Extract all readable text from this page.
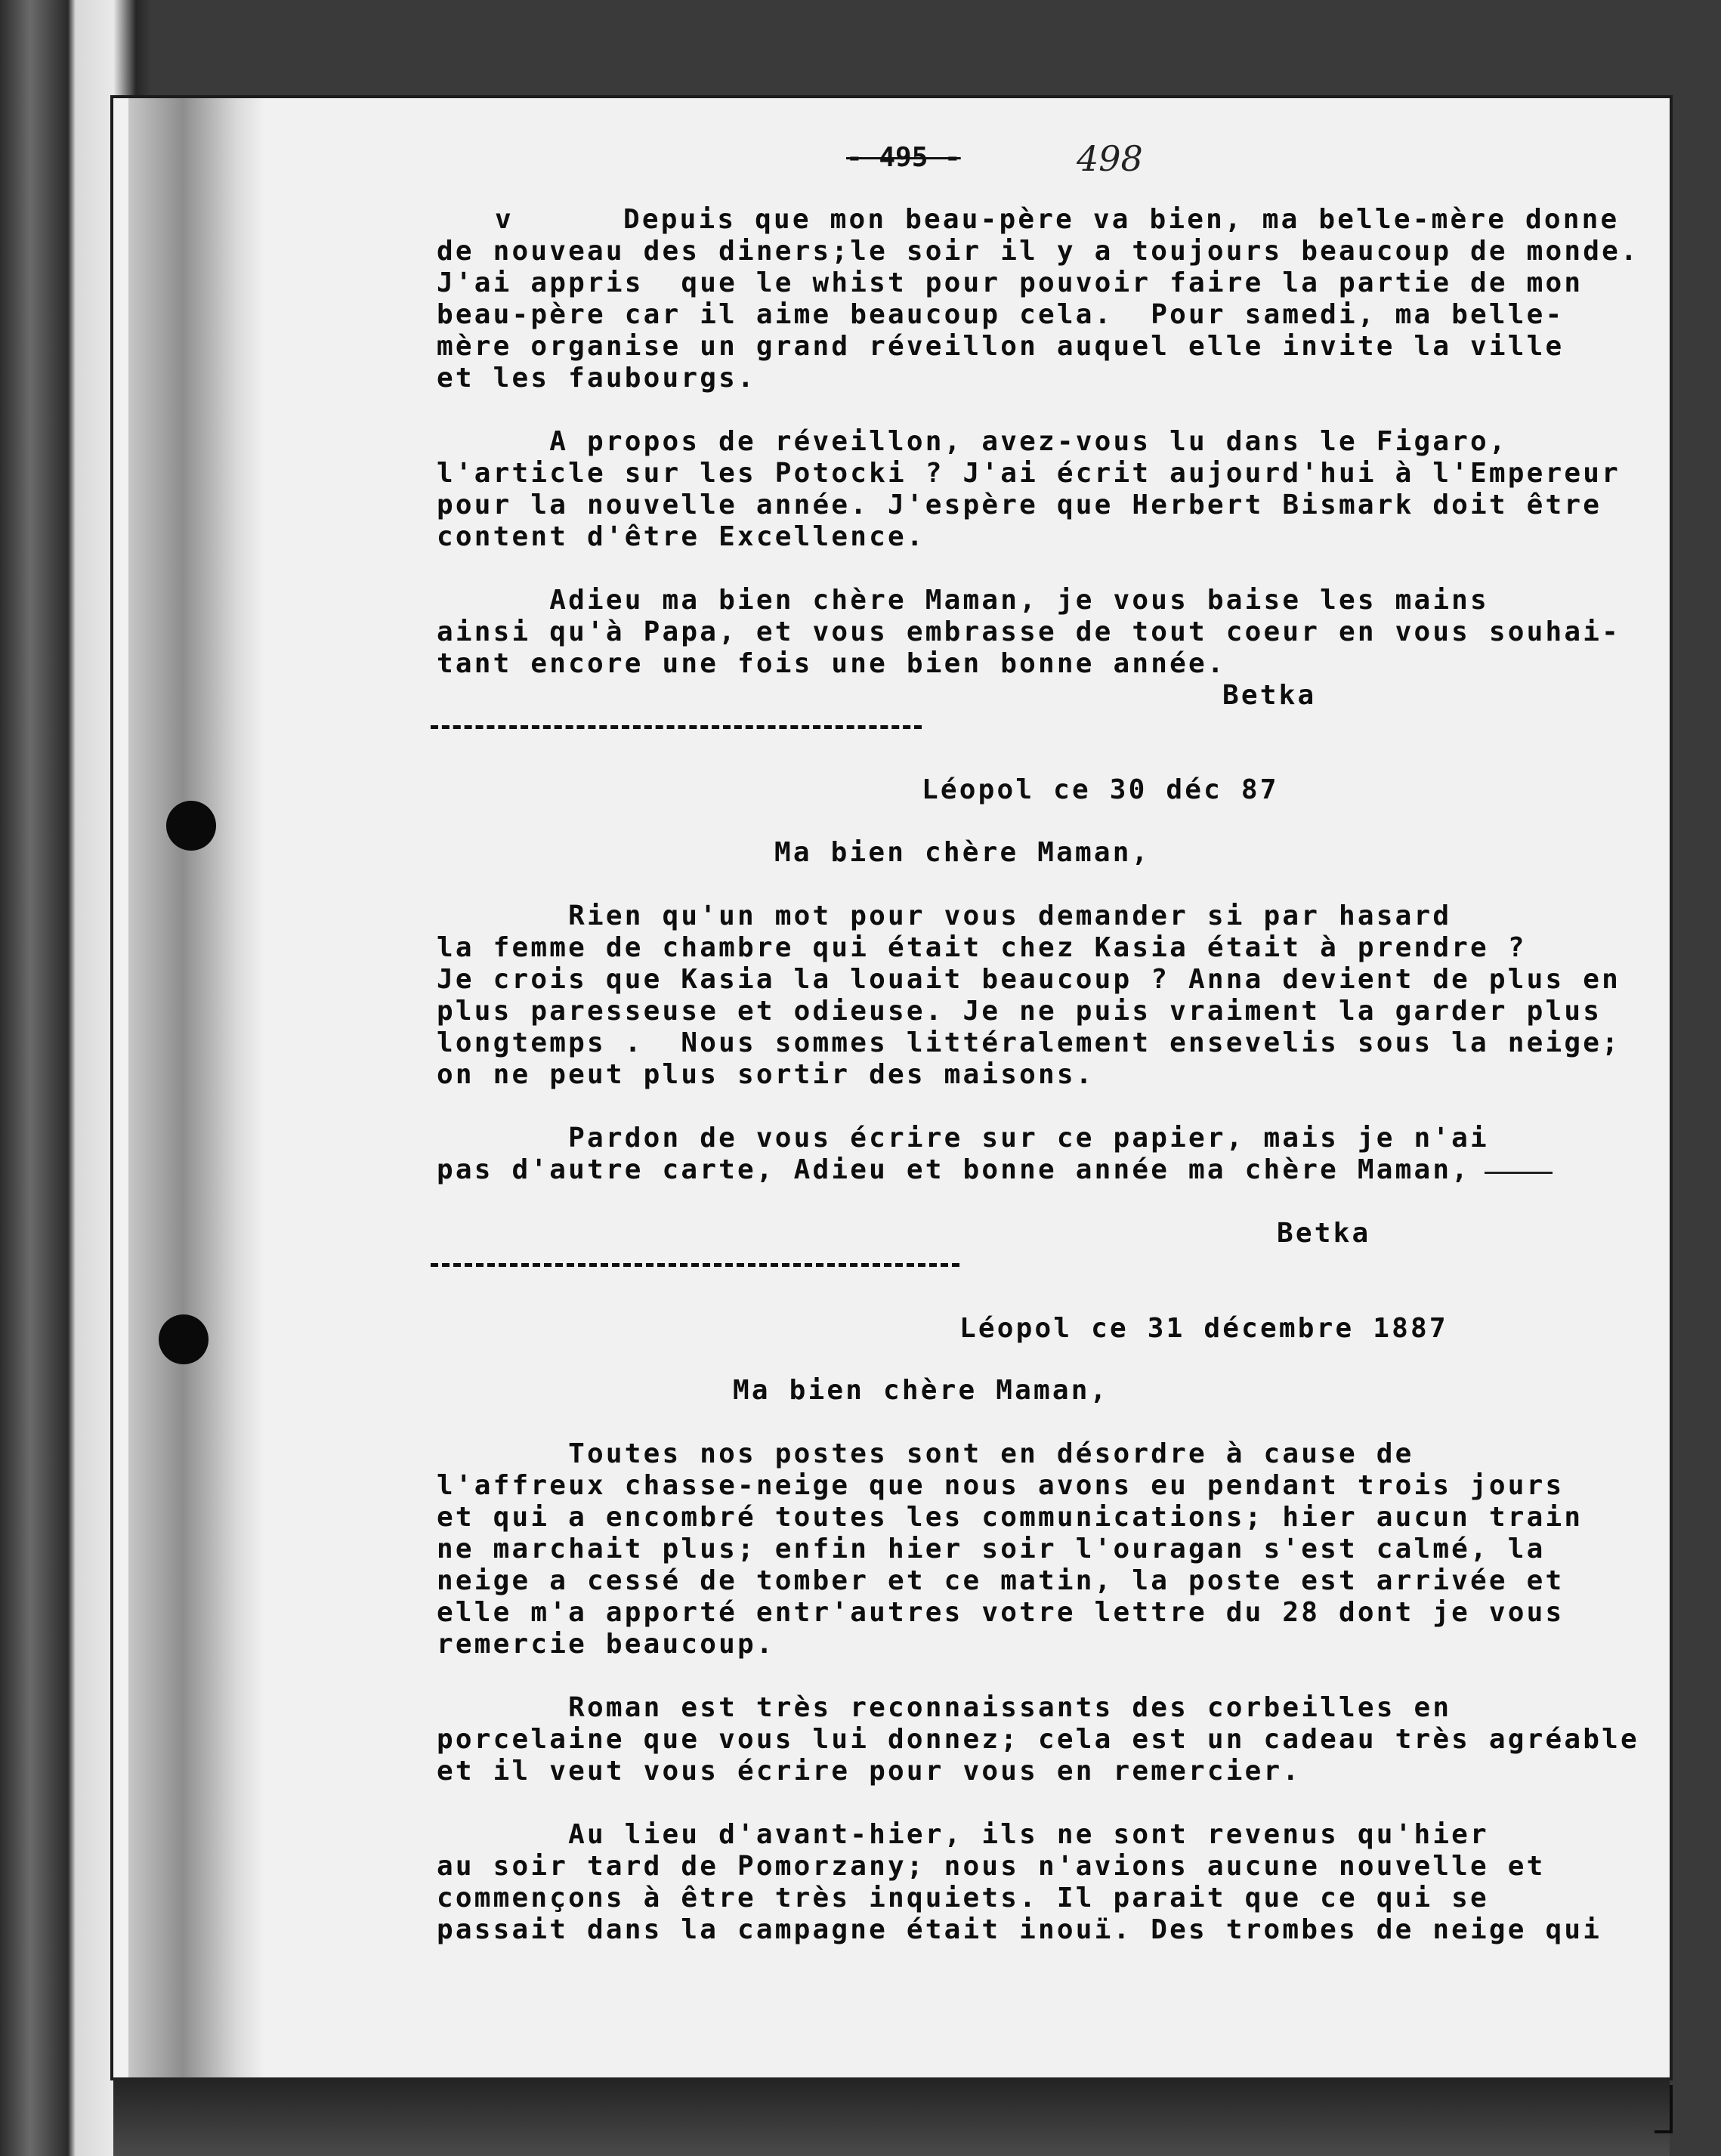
- 495 -	498
v	Depuis que mon beau-père va bien, ma belle-mère donne
de nouveau des diners;le soir il y a toujours beaucoup de monde.
J'ai appris  que le whist pour pouvoir faire la partie de mon
beau-père car il aime beaucoup cela.  Pour samedi, ma belle-
mère organise un grand réveillon auquel elle invite la ville
et les faubourgs.
A propos de réveillon, avez-vous lu dans le Figaro,
l'article sur les Potocki ? J'ai écrit aujourd'hui à l'Empereur
pour la nouvelle année. J'espère que Herbert Bismark doit être
content d'être Excellence.
Adieu ma bien chère Maman, je vous baise les mains
ainsi qu'à Papa, et vous embrasse de tout coeur en vous souhai-
tant encore une fois une bien bonne année.
Betka
Léopol ce 30 déc 87
Ma bien chère Maman,
Rien qu'un mot pour vous demander si par hasard
la femme de chambre qui était chez Kasia était à prendre ?
Je crois que Kasia la louait beaucoup ? Anna devient de plus en
plus paresseuse et odieuse. Je ne puis vraiment la garder plus
longtemps .  Nous sommes littéralement ensevelis sous la neige;
on ne peut plus sortir des maisons.
Pardon de vous écrire sur ce papier, mais je n'ai
pas d'autre carte, Adieu et bonne année ma chère Maman,
Betka
Léopol ce 31 décembre 1887
Ma bien chère Maman,
Toutes nos postes sont en désordre à cause de
l'affreux chasse-neige que nous avons eu pendant trois jours
et qui a encombré toutes les communications; hier aucun train
ne marchait plus; enfin hier soir l'ouragan s'est calmé, la
neige a cessé de tomber et ce matin, la poste est arrivée et
elle m'a apporté entr'autres votre lettre du 28 dont je vous
remercie beaucoup.
Roman est très reconnaissants des corbeilles en
porcelaine que vous lui donnez; cela est un cadeau très agréable
et il veut vous écrire pour vous en remercier.
Au lieu d'avant-hier, ils ne sont revenus qu'hier
au soir tard de Pomorzany; nous n'avions aucune nouvelle et
commençons à être très inquiets. Il parait que ce qui se
passait dans la campagne était inouï. Des trombes de neige qui
